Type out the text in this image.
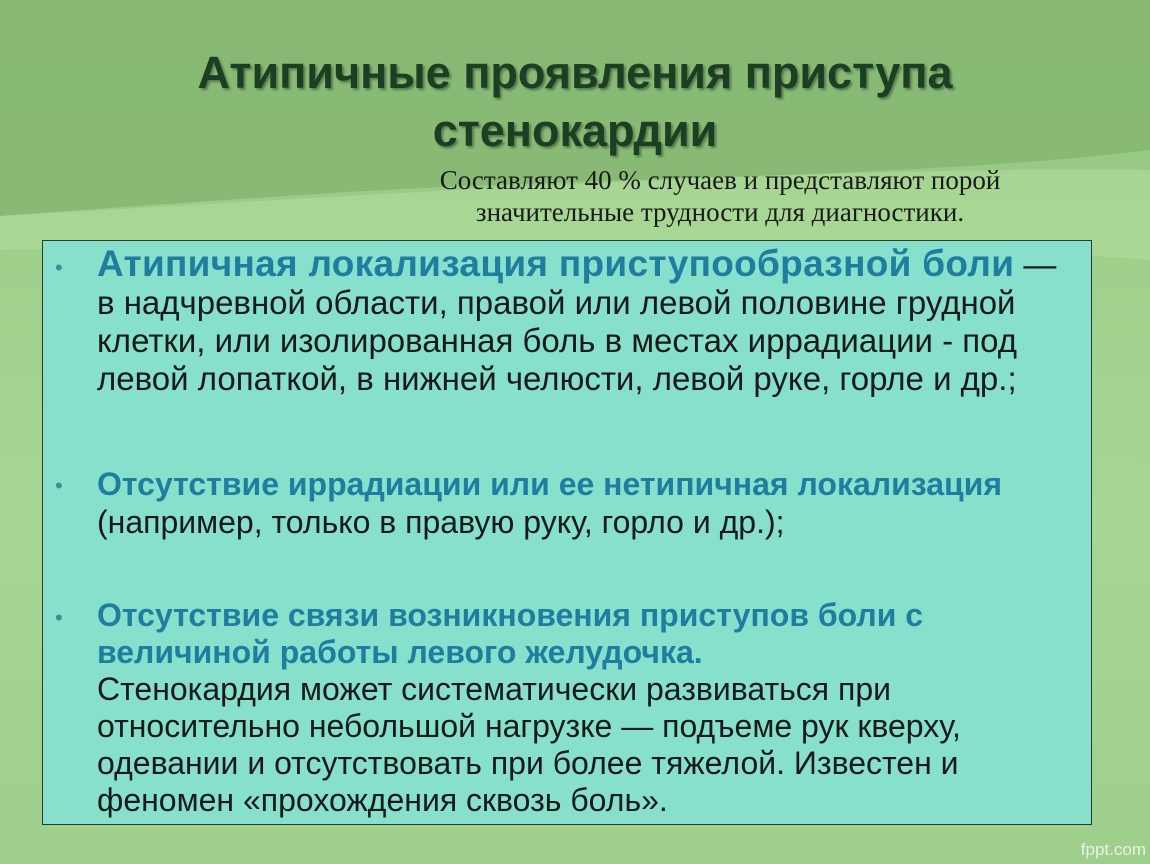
Атипичные проявления приступа
стенокардии
Составляют 40 % случаев и представляют порой
значительные трудности для диагностики.
• Атипичная локализация приступообразной боли — в надчревной области, правой или левой половине грудной клетки, или изолированная боль в местах иррадиации - под левой лопаткой, в нижней челюсти, левой руке, горле и др.;
• Отсутствие иррадиации или ее нетипичная локализация (например, только в правую руку, горло и др.);
• Отсутствие связи возникновения приступов боли с величиной работы левого желудочка.
Стенокардия может систематически развиваться при относительно небольшой нагрузке — подъеме рук кверху, одевании и отсутствовать при более тяжелой. Известен и феномен «прохождения сквозь боль».
fppt.com
